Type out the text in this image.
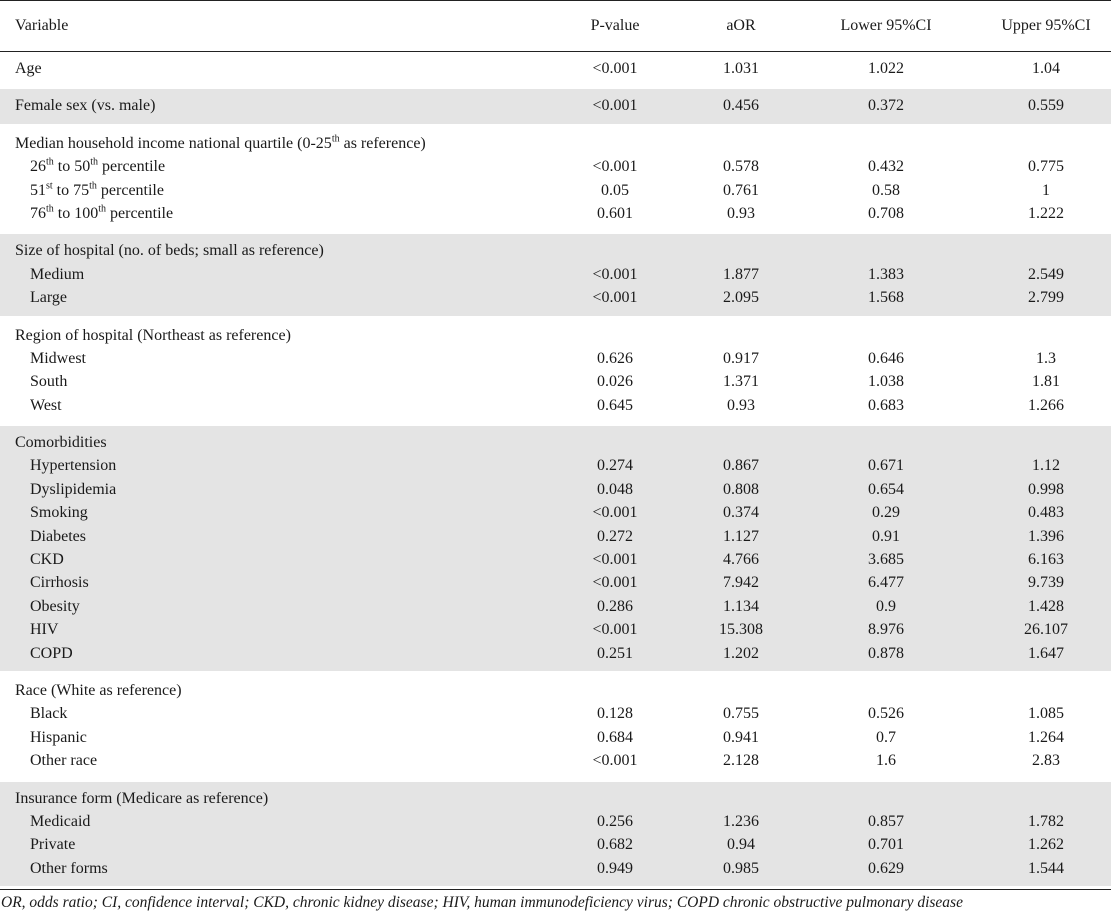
Variable	P-value	aOR	Lower 95%CI	Upper 95%CI
Age	<0.001	1.031	1.022	1.04
Female sex (vs. male)	<0.001	0.456	0.372	0.559
Median household income national quartile (0-25th as reference)
26th to 50th percentile	<0.001	0.578	0.432	0.775
51st to 75th percentile	0.05	0.761	0.58	1
76th to 100th percentile	0.601	0.93	0.708	1.222
Size of hospital (no. of beds; small as reference)
Medium	<0.001	1.877	1.383	2.549
Large	<0.001	2.095	1.568	2.799
Region of hospital (Northeast as reference)
Midwest	0.626	0.917	0.646	1.3
South	0.026	1.371	1.038	1.81
West	0.645	0.93	0.683	1.266
Comorbidities
Hypertension	0.274	0.867	0.671	1.12
Dyslipidemia	0.048	0.808	0.654	0.998
Smoking	<0.001	0.374	0.29	0.483
Diabetes	0.272	1.127	0.91	1.396
CKD	<0.001	4.766	3.685	6.163
Cirrhosis	<0.001	7.942	6.477	9.739
Obesity	0.286	1.134	0.9	1.428
HIV	<0.001	15.308	8.976	26.107
COPD	0.251	1.202	0.878	1.647
Race (White as reference)
Black	0.128	0.755	0.526	1.085
Hispanic	0.684	0.941	0.7	1.264
Other race	<0.001	2.128	1.6	2.83
Insurance form (Medicare as reference)
Medicaid	0.256	1.236	0.857	1.782
Private	0.682	0.94	0.701	1.262
Other forms	0.949	0.985	0.629	1.544
OR, odds ratio; CI, confidence interval; CKD, chronic kidney disease; HIV, human immunodeficiency virus; COPD chronic obstructive pulmonary disease
